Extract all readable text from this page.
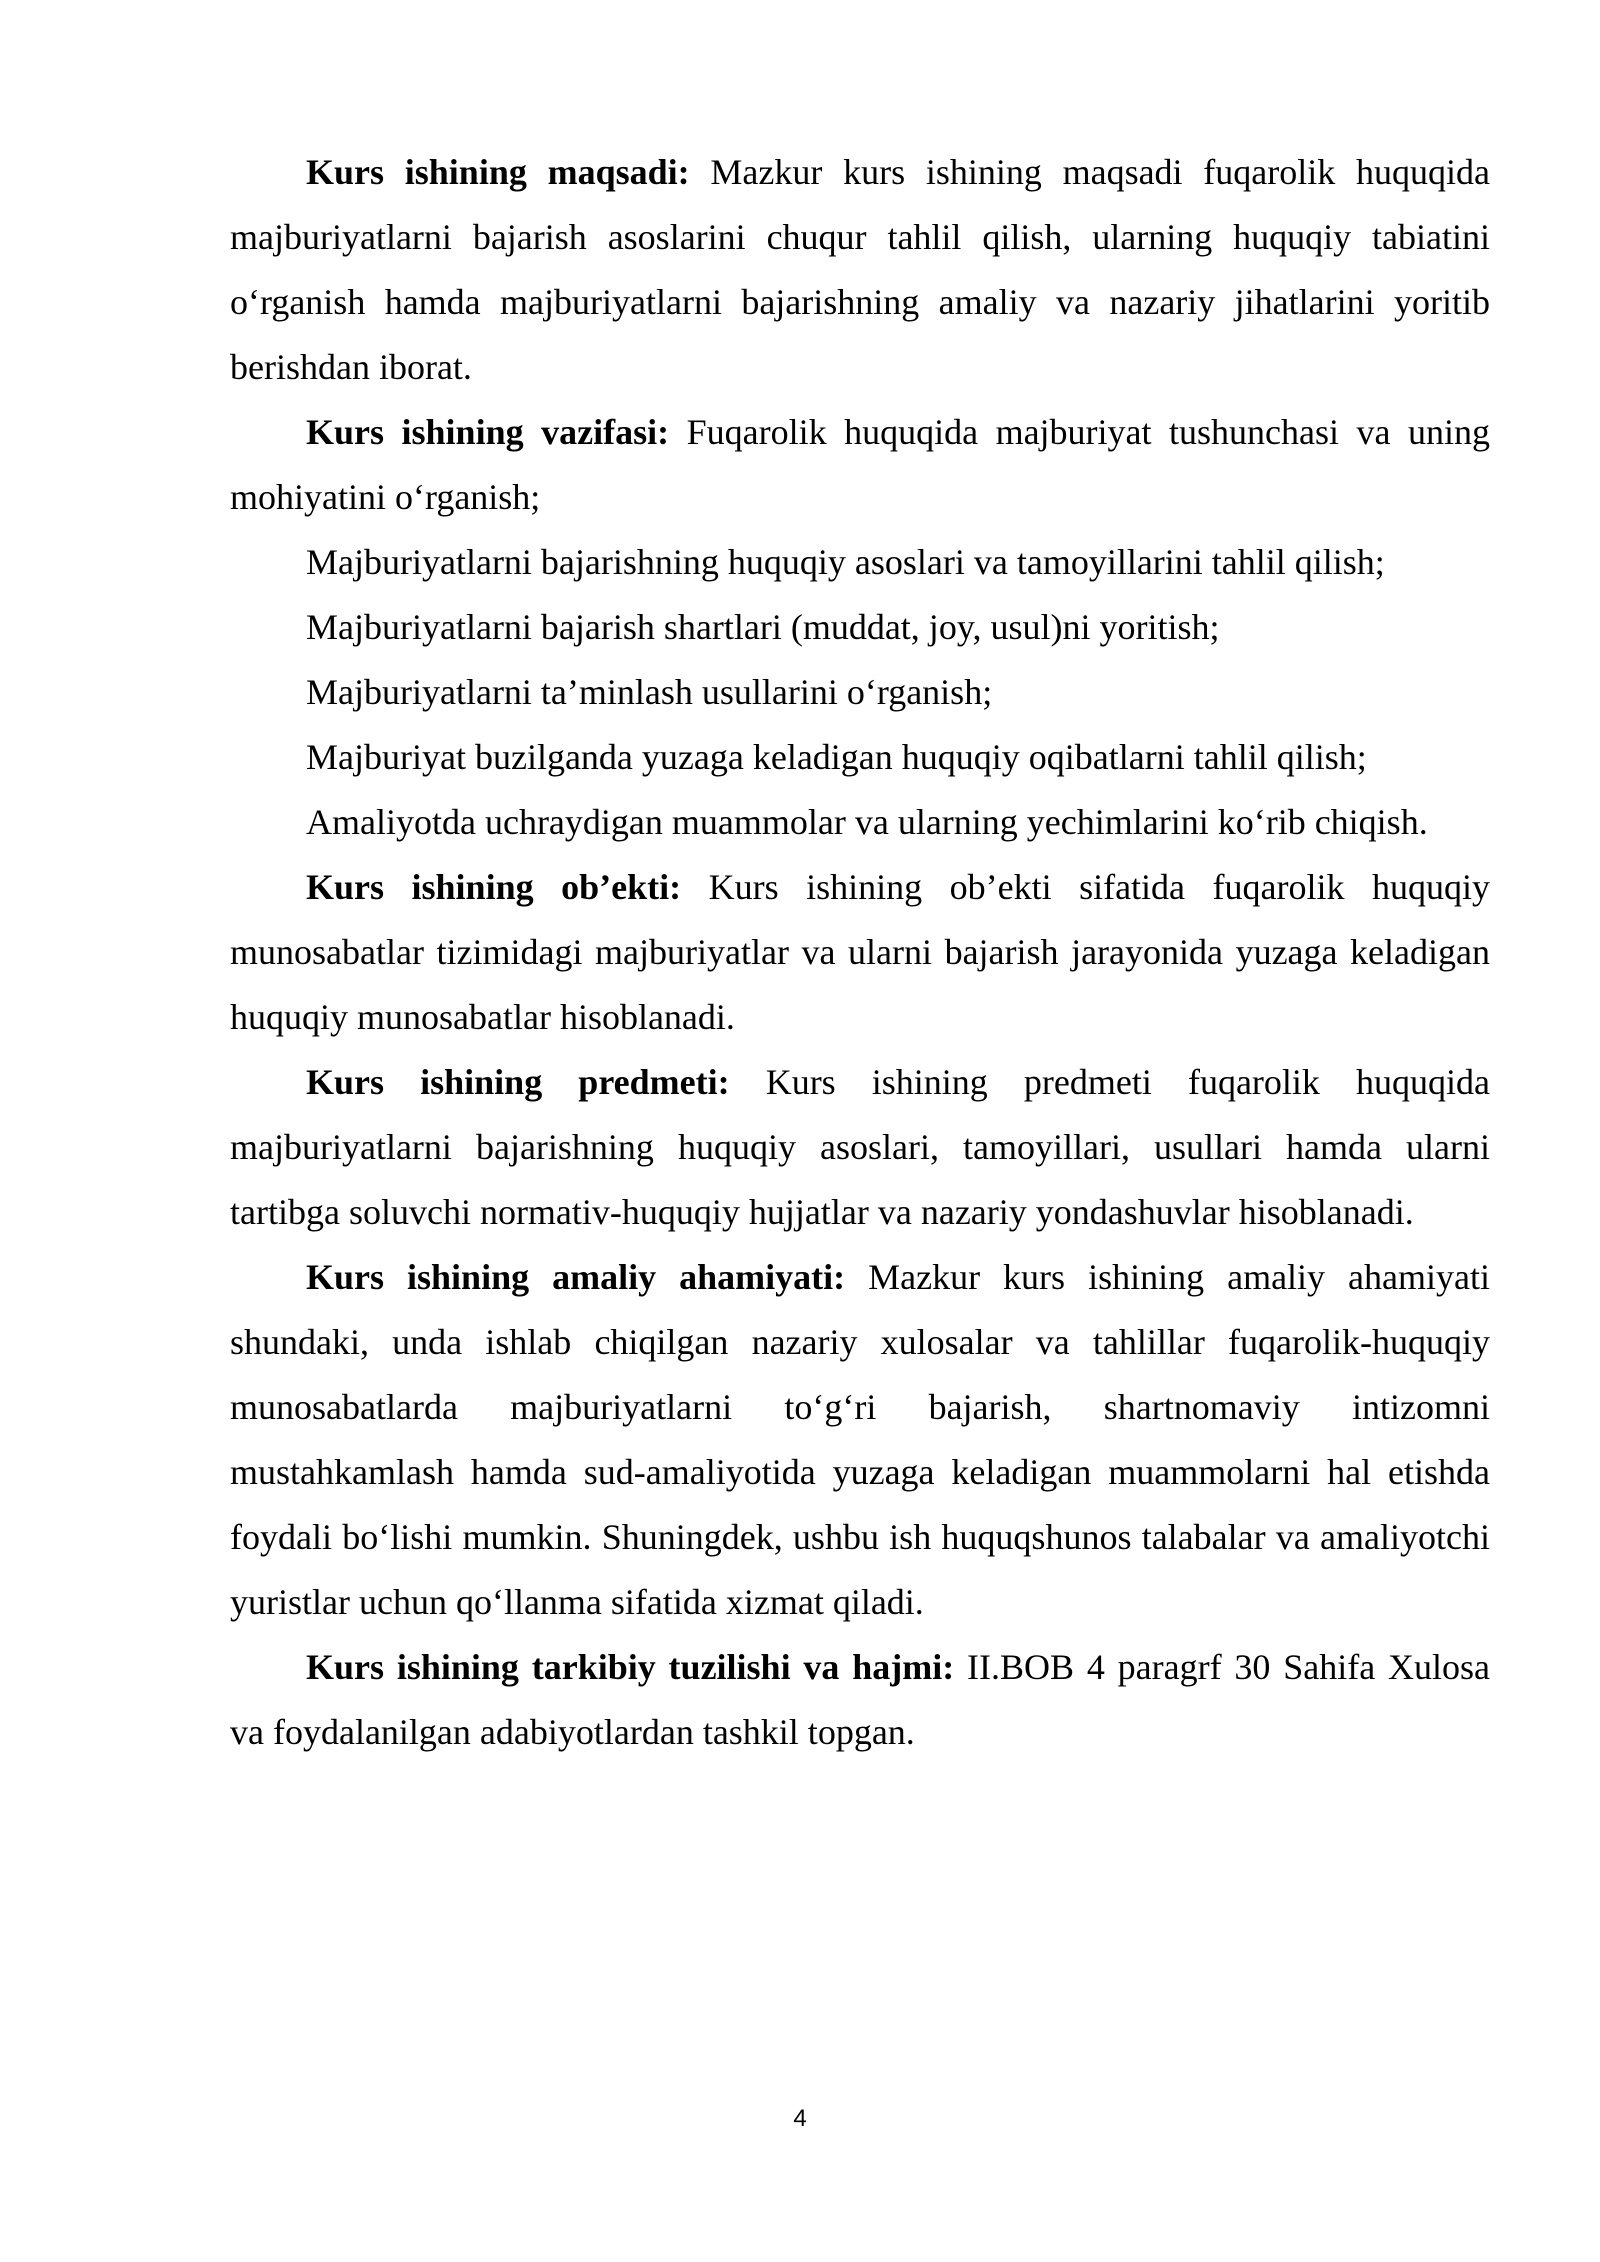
Kurs ishining maqsadi: Mazkur kurs ishining maqsadi fuqarolik huquqida majburiyatlarni bajarish asoslarini chuqur tahlil qilish, ularning huquqiy tabiatini o‘rganish hamda majburiyatlarni bajarishning amaliy va nazariy jihatlarini yoritib berishdan iborat.

Kurs ishining vazifasi: Fuqarolik huquqida majburiyat tushunchasi va uning mohiyatini o‘rganish;

Majburiyatlarni bajarishning huquqiy asoslari va tamoyillarini tahlil qilish;

Majburiyatlarni bajarish shartlari (muddat, joy, usul)ni yoritish;

Majburiyatlarni ta’minlash usullarini o‘rganish;

Majburiyat buzilganda yuzaga keladigan huquqiy oqibatlarni tahlil qilish;

Amaliyotda uchraydigan muammolar va ularning yechimlarini ko‘rib chiqish.

Kurs ishining ob’ekti: Kurs ishining ob’ekti sifatida fuqarolik huquqiy munosabatlar tizimidagi majburiyatlar va ularni bajarish jarayonida yuzaga keladigan huquqiy munosabatlar hisoblanadi.

Kurs ishining predmeti: Kurs ishining predmeti fuqarolik huquqida majburiyatlarni bajarishning huquqiy asoslari, tamoyillari, usullari hamda ularni tartibga soluvchi normativ-huquqiy hujjatlar va nazariy yondashuvlar hisoblanadi.

Kurs ishining amaliy ahamiyati: Mazkur kurs ishining amaliy ahamiyati shundaki, unda ishlab chiqilgan nazariy xulosalar va tahlillar fuqarolik-huquqiy munosabatlarda majburiyatlarni to‘g‘ri bajarish, shartnomaviy intizomni mustahkamlash hamda sud-amaliyotida yuzaga keladigan muammolarni hal etishda foydali bo‘lishi mumkin. Shuningdek, ushbu ish huquqshunos talabalar va amaliyotchi yuristlar uchun qo‘llanma sifatida xizmat qiladi.

Kurs ishining tarkibiy tuzilishi va hajmi: II.BOB 4 paragrf 30 Sahifa Xulosa va foydalanilgan adabiyotlardan tashkil topgan.

4
